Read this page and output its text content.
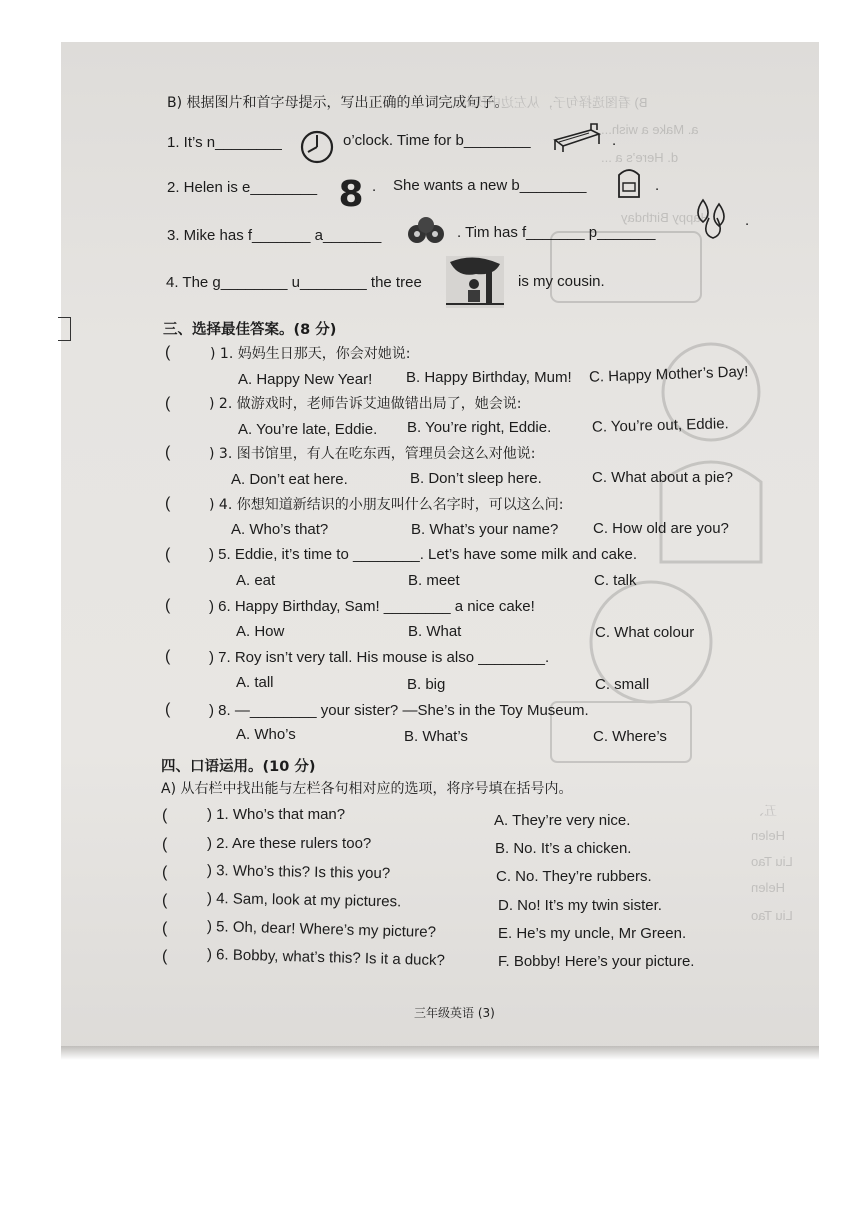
B) 看图选择句子，从左边中找出...
a. Make a wish...
d. Here’s a ...
Happy Birthday
五、
Helen
Liu Tao
Helen
Liu Tao
B) 根据图片和首字母提示，写出正确的单词完成句子。
1. It’s n________	o’clock. Time for b________	.
2. Helen is e________ 8 . She wants a new b________	.
3. Mike has f_______ a_______	. Tim has f_______ p_______
.
4. The g________ u________ the tree	is my cousin.
三、选择最佳答案。(8 分)
(	) 1. 妈妈生日那天，你会对她说:
A. Happy New Year! B. Happy Birthday, Mum! C. Happy Mother’s Day!
(	) 2. 做游戏时，老师告诉艾迪做错出局了，她会说:
A. You’re late, Eddie. B. You’re right, Eddie.	C. You’re out, Eddie.
(	) 3. 图书馆里，有人在吃东西，管理员会这么对他说:
A. Don’t eat here.	B. Don’t sleep here.	C. What about a pie?
(	) 4. 你想知道新结识的小朋友叫什么名字时，可以这么问:
A. Who’s that?	B. What’s your name? C. How old are you?
(	) 5. Eddie, it’s time to ________. Let’s have some milk and cake.
A. eat	B. meet	C. talk
(	) 6. Happy Birthday, Sam! ________ a nice cake!
A. How	B. What	C. What colour
(	) 7. Roy isn’t very tall. His mouse is also ________.
A. tall	B. big	C. small
(	) 8. —________ your sister? —She’s in the Toy Museum.
A. Who’s	B. What’s	C. Where’s
四、口语运用。(10 分)
A) 从右栏中找出能与左栏各句相对应的选项，将序号填在括号内。
(	) 1. Who’s that man?
(	) 2. Are these rulers too?
(	) 3. Who’s this? Is this you?
(	) 4. Sam, look at my pictures.
(	) 5. Oh, dear! Where’s my picture?
(	) 6. Bobby, what’s this? Is it a duck?
A. They’re very nice.
B. No. It’s a chicken.
C. No. They’re rubbers.
D. No! It’s my twin sister.
E. He’s my uncle, Mr Green.
F. Bobby! Here’s your picture.
三年级英语 (3)
